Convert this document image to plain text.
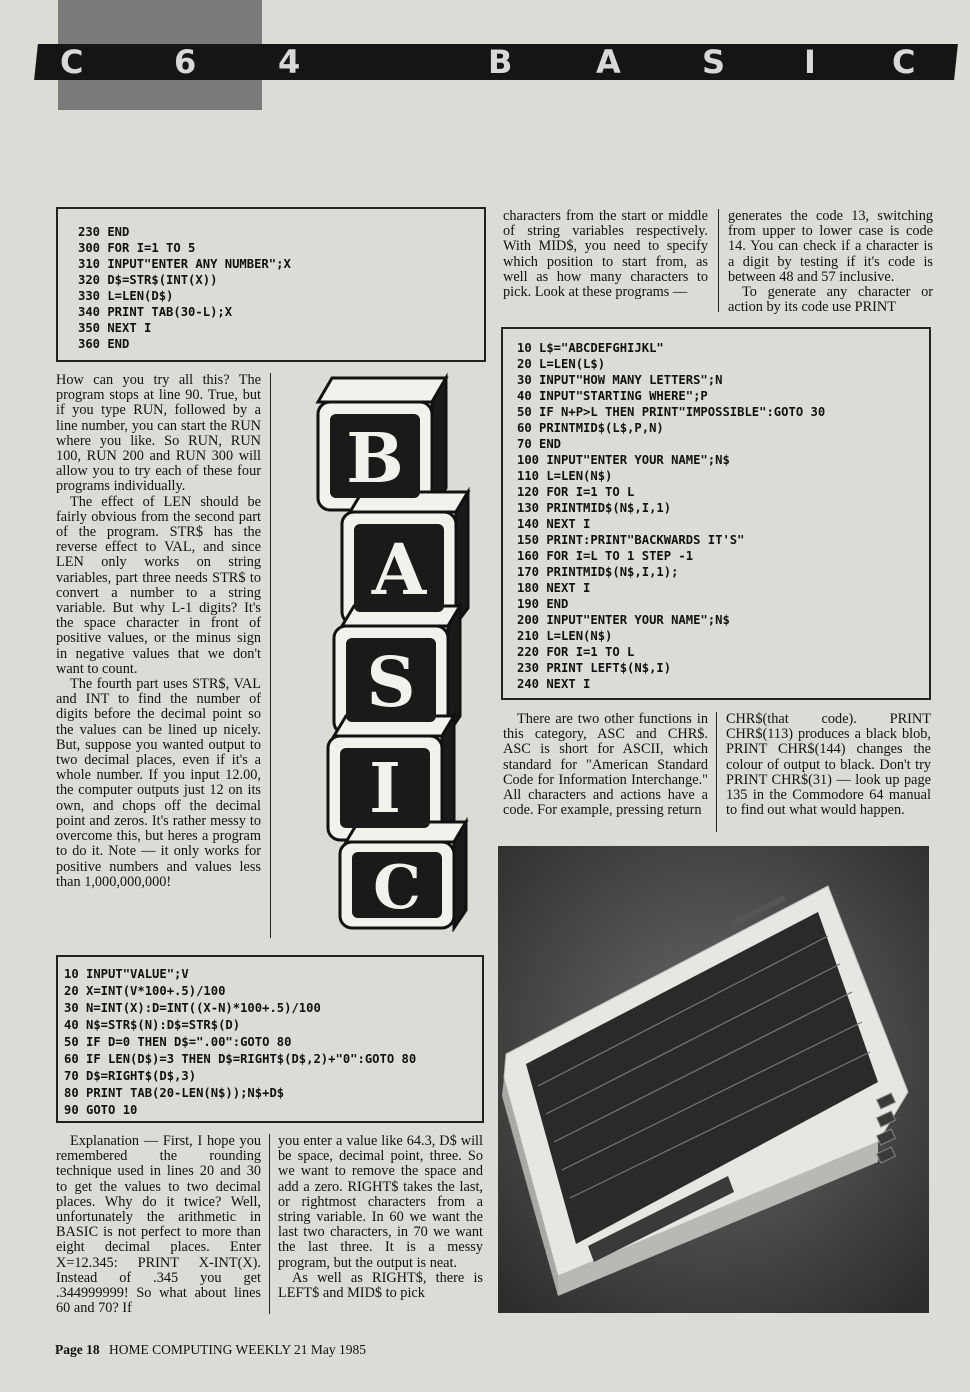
C	6	4	B	A	S I C
230 END
300 FOR I=1 TO 5
310 INPUT"ENTER ANY NUMBER";X
320 D$=STR$(INT(X))
330 L=LEN(D$)
340 PRINT TAB(30-L);X
350 NEXT I
360 END

How can you try all this? The program stops at line 90. True, but if you type RUN, followed by a line number, you can start the RUN where you like. So RUN, RUN 100, RUN 200 and RUN 300 will allow you to try each of these four programs individually.

The effect of LEN should be fairly obvious from the second part of the program. STR$ has the reverse effect to VAL, and since LEN only works on string variables, part three needs STR$ to convert a number to a string variable. But why L-1 digits? It's the space character in front of positive values, or the minus sign in negative values that we don't want to count.

The fourth part uses STR$, VAL and INT to find the number of digits before the decimal point so the values can be lined up nicely. But, suppose you wanted output to two decimal places, even if it's a whole number. If you input 12.00, the computer outputs just 12 on its own, and chops off the decimal point and zeros. It's rather messy to overcome this, but heres a program to do it. Note — it only works for positive numbers and values less than 1,000,000,000!

B
A
S
I
C

characters from the start or middle of string variables respectively. With MID$, you need to specify which position to start from, as well as how many characters to pick. Look at these programs —

generates the code 13, switching from upper to lower case is code 14. You can check if a character is a digit by testing if it's code is between 48 and 57 inclusive.

To generate any character or action by its code use PRINT

10 L$="ABCDEFGHIJKL"
20 L=LEN(L$)
30 INPUT"HOW MANY LETTERS";N
40 INPUT"STARTING WHERE";P
50 IF N+P>L THEN PRINT"IMPOSSIBLE":GOTO 30
60 PRINTMID$(L$,P,N)
70 END
100 INPUT"ENTER YOUR NAME";N$
110 L=LEN(N$)
120 FOR I=1 TO L
130 PRINTMID$(N$,I,1)
140 NEXT I
150 PRINT:PRINT"BACKWARDS IT'S"
160 FOR I=L TO 1 STEP -1
170 PRINTMID$(N$,I,1);
180 NEXT I
190 END
200 INPUT"ENTER YOUR NAME";N$
210 L=LEN(N$)
220 FOR I=1 TO L
230 PRINT LEFT$(N$,I)
240 NEXT I

There are two other functions in this category, ASC and CHR$. ASC is short for ASCII, which standard for "American Standard Code for Information Interchange." All characters and actions have a code. For example, pressing return

CHR$(that code). PRINT CHR$(113) produces a black blob, PRINT CHR$(144) changes the colour of output to black. Don't try PRINT CHR$(31) — look up page 135 in the Commodore 64 manual to find out what would happen.

10 INPUT"VALUE";V
20 X=INT(V*100+.5)/100
30 N=INT(X):D=INT((X-N)*100+.5)/100
40 N$=STR$(N):D$=STR$(D)
50 IF D=0 THEN D$=".00":GOTO 80
60 IF LEN(D$)=3 THEN D$=RIGHT$(D$,2)+"0":GOTO 80
70 D$=RIGHT$(D$,3)
80 PRINT TAB(20-LEN(N$));N$+D$
90 GOTO 10

Explanation — First, I hope you remembered the rounding technique used in lines 20 and 30 to get the values to two decimal places. Why do it twice? Well, unfortunately the arithmetic in BASIC is not perfect to more than eight decimal places. Enter X=12.345: PRINT X-INT(X). Instead of .345 you get .344999999! So what about lines 60 and 70? If

you enter a value like 64.3, D$ will be space, decimal point, three. So we want to remove the space and add a zero. RIGHT$ takes the last, or rightmost characters from a string variable. In 60 we want the last two characters, in 70 we want the last three. It is a messy program, but the output is neat.

As well as RIGHT$, there is LEFT$ and MID$ to pick

Page 18 HOME COMPUTING WEEKLY 21 May 1985
